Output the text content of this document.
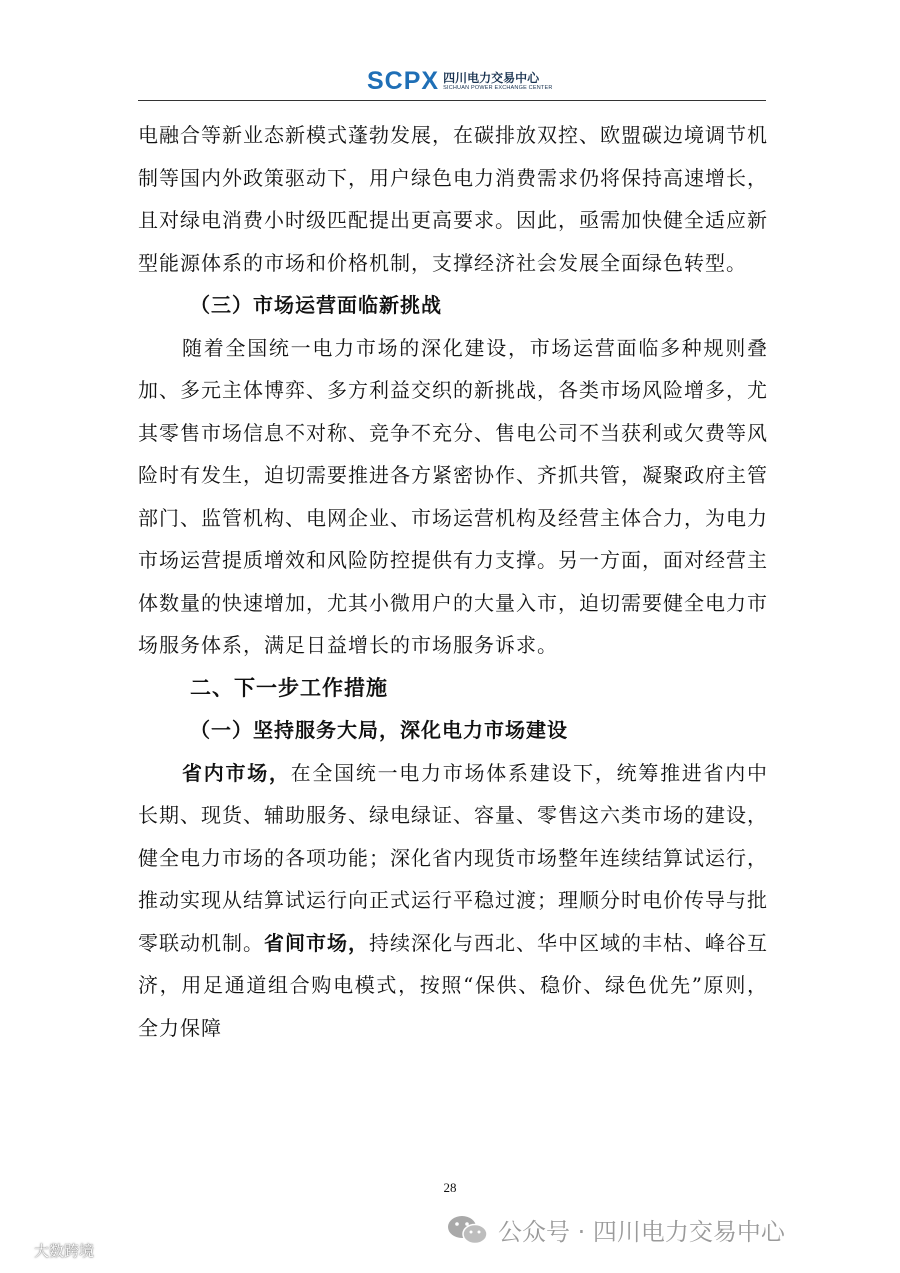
SCPX 四川电力交易中心
SICHUAN POWER EXCHANGE CENTER

电融合等新业态新模式蓬勃发展，在碳排放双控、欧盟碳边境调节机制等国内外政策驱动下，用户绿色电力消费需求仍将保持高速增长，且对绿电消费小时级匹配提出更高要求。因此，亟需加快健全适应新型能源体系的市场和价格机制，支撑经济社会发展全面绿色转型。

（三）市场运营面临新挑战

随着全国统一电力市场的深化建设，市场运营面临多种规则叠加、多元主体博弈、多方利益交织的新挑战，各类市场风险增多，尤其零售市场信息不对称、竞争不充分、售电公司不当获利或欠费等风险时有发生，迫切需要推进各方紧密协作、齐抓共管，凝聚政府主管部门、监管机构、电网企业、市场运营机构及经营主体合力，为电力市场运营提质增效和风险防控提供有力支撑。另一方面，面对经营主体数量的快速增加，尤其小微用户的大量入市，迫切需要健全电力市场服务体系，满足日益增长的市场服务诉求。

二、下一步工作措施

（一）坚持服务大局，深化电力市场建设

省内市场，在全国统一电力市场体系建设下，统筹推进省内中长期、现货、辅助服务、绿电绿证、容量、零售这六类市场的建设，健全电力市场的各项功能；深化省内现货市场整年连续结算试运行，推动实现从结算试运行向正式运行平稳过渡；理顺分时电价传导与批零联动机制。省间市场，持续深化与西北、华中区域的丰枯、峰谷互济，用足通道组合购电模式，按照“保供、稳价、绿色优先”原则，全力保障

28
公众号 · 四川电力交易中心
大数跨境
